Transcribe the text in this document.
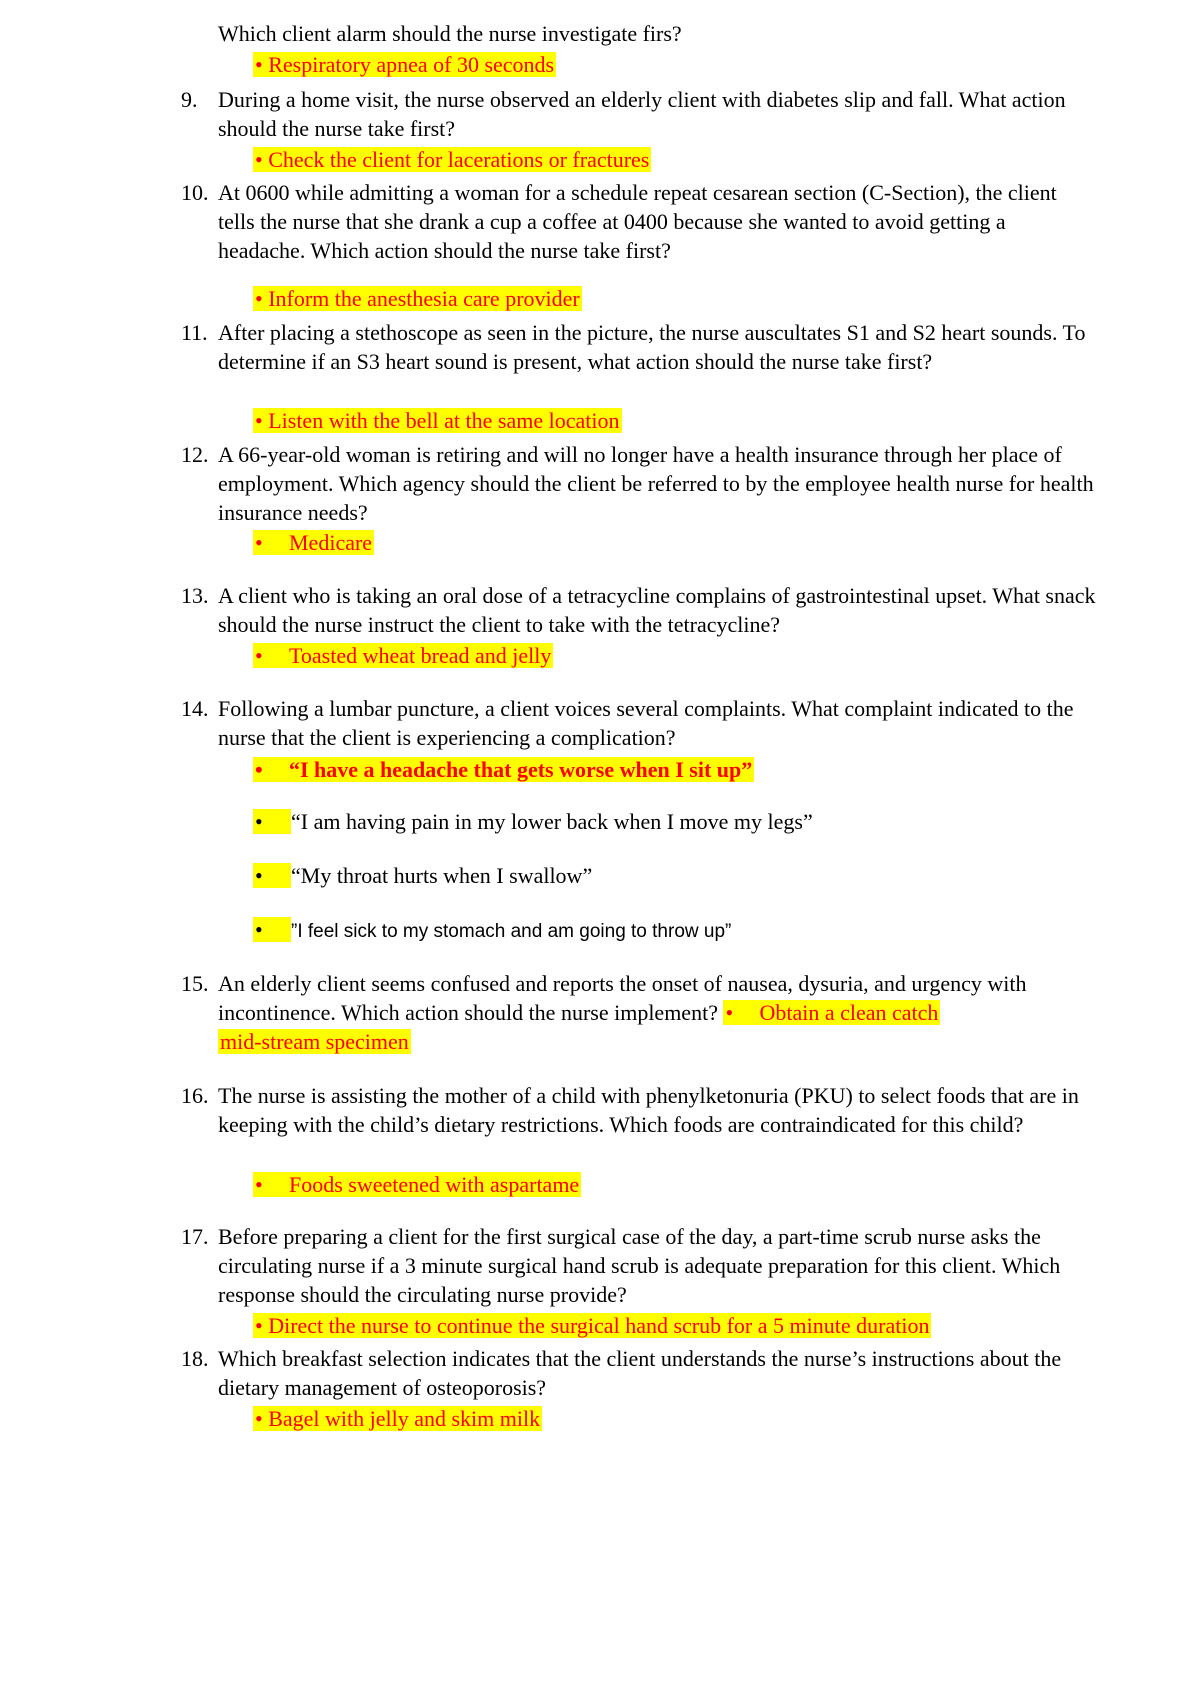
Which client alarm should the nurse investigate firs?
• Respiratory apnea of 30 seconds
9. During a home visit, the nurse observed an elderly client with diabetes slip and fall. What action should the nurse take first?
• Check the client for lacerations or fractures
10. At 0600 while admitting a woman for a schedule repeat cesarean section (C-Section), the client tells the nurse that she drank a cup a coffee at 0400 because she wanted to avoid getting a headache. Which action should the nurse take first?
• Inform the anesthesia care provider
11. After placing a stethoscope as seen in the picture, the nurse auscultates S1 and S2 heart sounds. To determine if an S3 heart sound is present, what action should the nurse take first?
• Listen with the bell at the same location
12. A 66-year-old woman is retiring and will no longer have a health insurance through her place of employment. Which agency should the client be referred to by the employee health nurse for health insurance needs?
• Medicare
13. A client who is taking an oral dose of a tetracycline complains of gastrointestinal upset. What snack should the nurse instruct the client to take with the tetracycline?
• Toasted wheat bread and jelly
14. Following a lumbar puncture, a client voices several complaints. What complaint indicated to the nurse that the client is experiencing a complication?
• “I have a headache that gets worse when I sit up”
• “I am having pain in my lower back when I move my legs”
• “My throat hurts when I swallow”
• ”I feel sick to my stomach and am going to throw up”
15. An elderly client seems confused and reports the onset of nausea, dysuria, and urgency with incontinence. Which action should the nurse implement? • Obtain a clean catch
mid-stream specimen
16. The nurse is assisting the mother of a child with phenylketonuria (PKU) to select foods that are in keeping with the child’s dietary restrictions. Which foods are contraindicated for this child?
• Foods sweetened with aspartame
17. Before preparing a client for the first surgical case of the day, a part-time scrub nurse asks the circulating nurse if a 3 minute surgical hand scrub is adequate preparation for this client. Which response should the circulating nurse provide?
• Direct the nurse to continue the surgical hand scrub for a 5 minute duration
18. Which breakfast selection indicates that the client understands the nurse’s instructions about the dietary management of osteoporosis?
• Bagel with jelly and skim milk
